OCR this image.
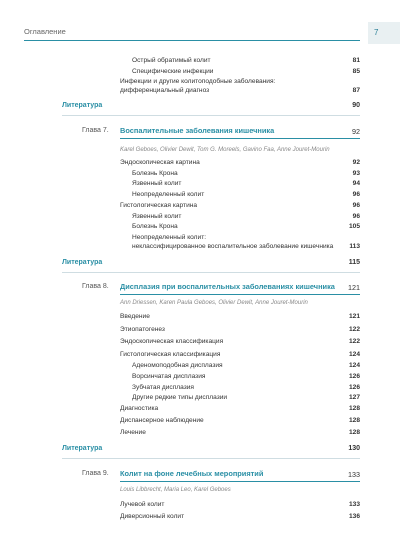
Оглавление	7
Острый обратимый колит	81
Специфические инфекции	85
Инфекции и другие колитоподобные заболевания:
дифференциальный диагноз	87
Литература	90
Глава 7. Воспалительные заболевания кишечника	92
Karel Geboes, Olivier Dewit, Tom G. Moreels, Gavino Faa, Anne Jouret-Mourin
Эндоскопическая картина	92
Болезнь Крона	93
Язвенный колит	94
Неопределенный колит	96
Гистологическая картина	96
Язвенный колит	96
Болезнь Крона	105
Неопределенный колит:
неклассифицированное воспалительное заболевание кишечника 113
Литература	115
Глава 8. Дисплазия при воспалительных заболеваниях кишечника 121
Ann Driessen, Karen Paula Geboes, Olivier Dewit, Anne Jouret-Mourin
Введение	121
Этиопатогенез	122
Эндоскопическая классификация	122
Гистологическая классификация	124
Аденомоподобная дисплазия	124
Ворсинчатая дисплазия	126
Зубчатая дисплазия	126
Другие редкие типы дисплазии	127
Диагностика	128
Диспансерное наблюдение	128
Лечение	128
Литература	130
Глава 9. Колит на фоне лечебных мероприятий	133
Louis Libbrecht, Maria Leo, Karel Geboes
Лучевой колит	133
Диверсионный колит	136
